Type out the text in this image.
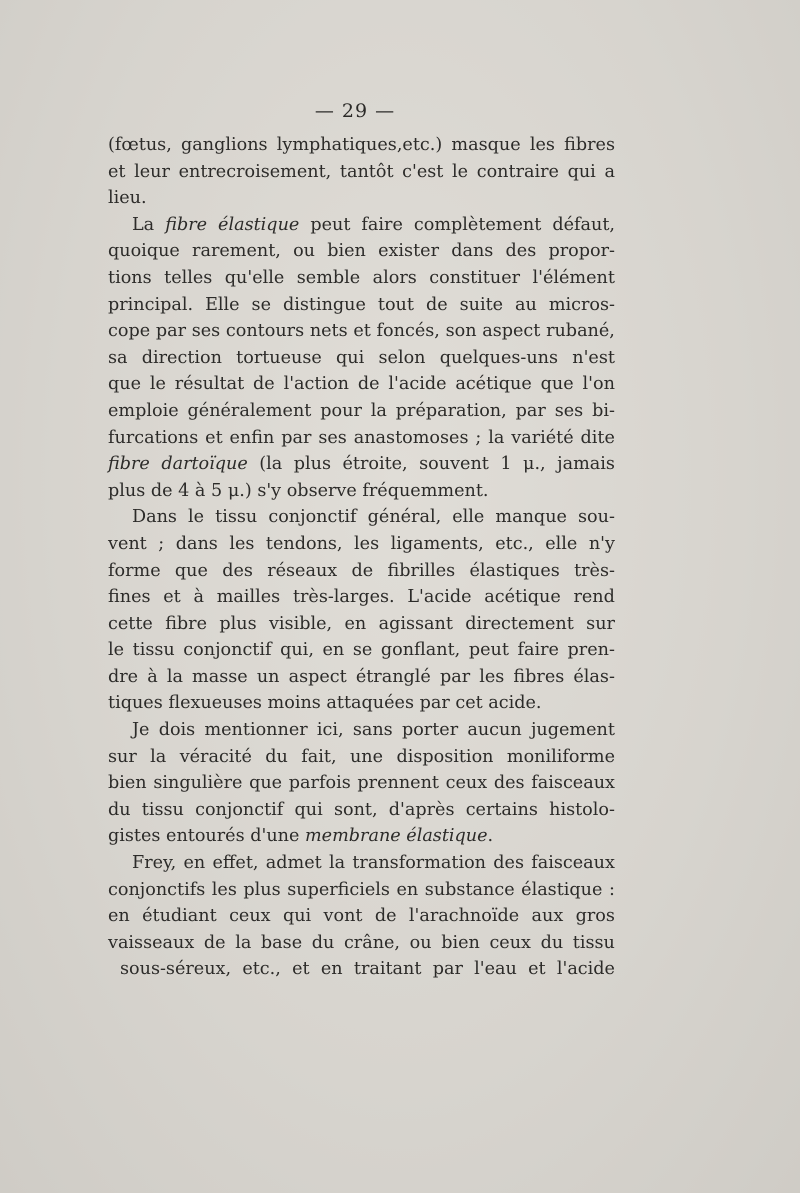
— 29 —
(fœtus, ganglions lymphatiques,etc.) masque les fibres
et leur entrecroisement, tantôt c'est le contraire qui a
lieu.
La fibre élastique peut faire complètement défaut,
quoique rarement, ou bien exister dans des propor-
tions telles qu'elle semble alors constituer l'élément
principal. Elle se distingue tout de suite au micros-
cope par ses contours nets et foncés, son aspect rubané,
sa direction tortueuse qui selon quelques-uns n'est
que le résultat de l'action de l'acide acétique que l'on
emploie généralement pour la préparation, par ses bi-
furcations et enfin par ses anastomoses ; la variété dite
fibre dartoïque (la plus étroite, souvent 1 μ., jamais
plus de 4 à 5 μ.) s'y observe fréquemment.
Dans le tissu conjonctif général, elle manque sou-
vent ; dans les tendons, les ligaments, etc., elle n'y
forme que des réseaux de fibrilles élastiques très-
fines et à mailles très-larges. L'acide acétique rend
cette fibre plus visible, en agissant directement sur
le tissu conjonctif qui, en se gonflant, peut faire pren-
dre à la masse un aspect étranglé par les fibres élas-
tiques flexueuses moins attaquées par cet acide.
Je dois mentionner ici, sans porter aucun jugement
sur la véracité du fait, une disposition moniliforme
bien singulière que parfois prennent ceux des faisceaux
du tissu conjonctif qui sont, d'après certains histolo-
gistes entourés d'une membrane élastique.
Frey, en effet, admet la transformation des faisceaux
conjonctifs les plus superficiels en substance élastique :
en étudiant ceux qui vont de l'arachnoïde aux gros
vaisseaux de la base du crâne, ou bien ceux du tissu
sous-séreux, etc., et en traitant par l'eau et l'acide
